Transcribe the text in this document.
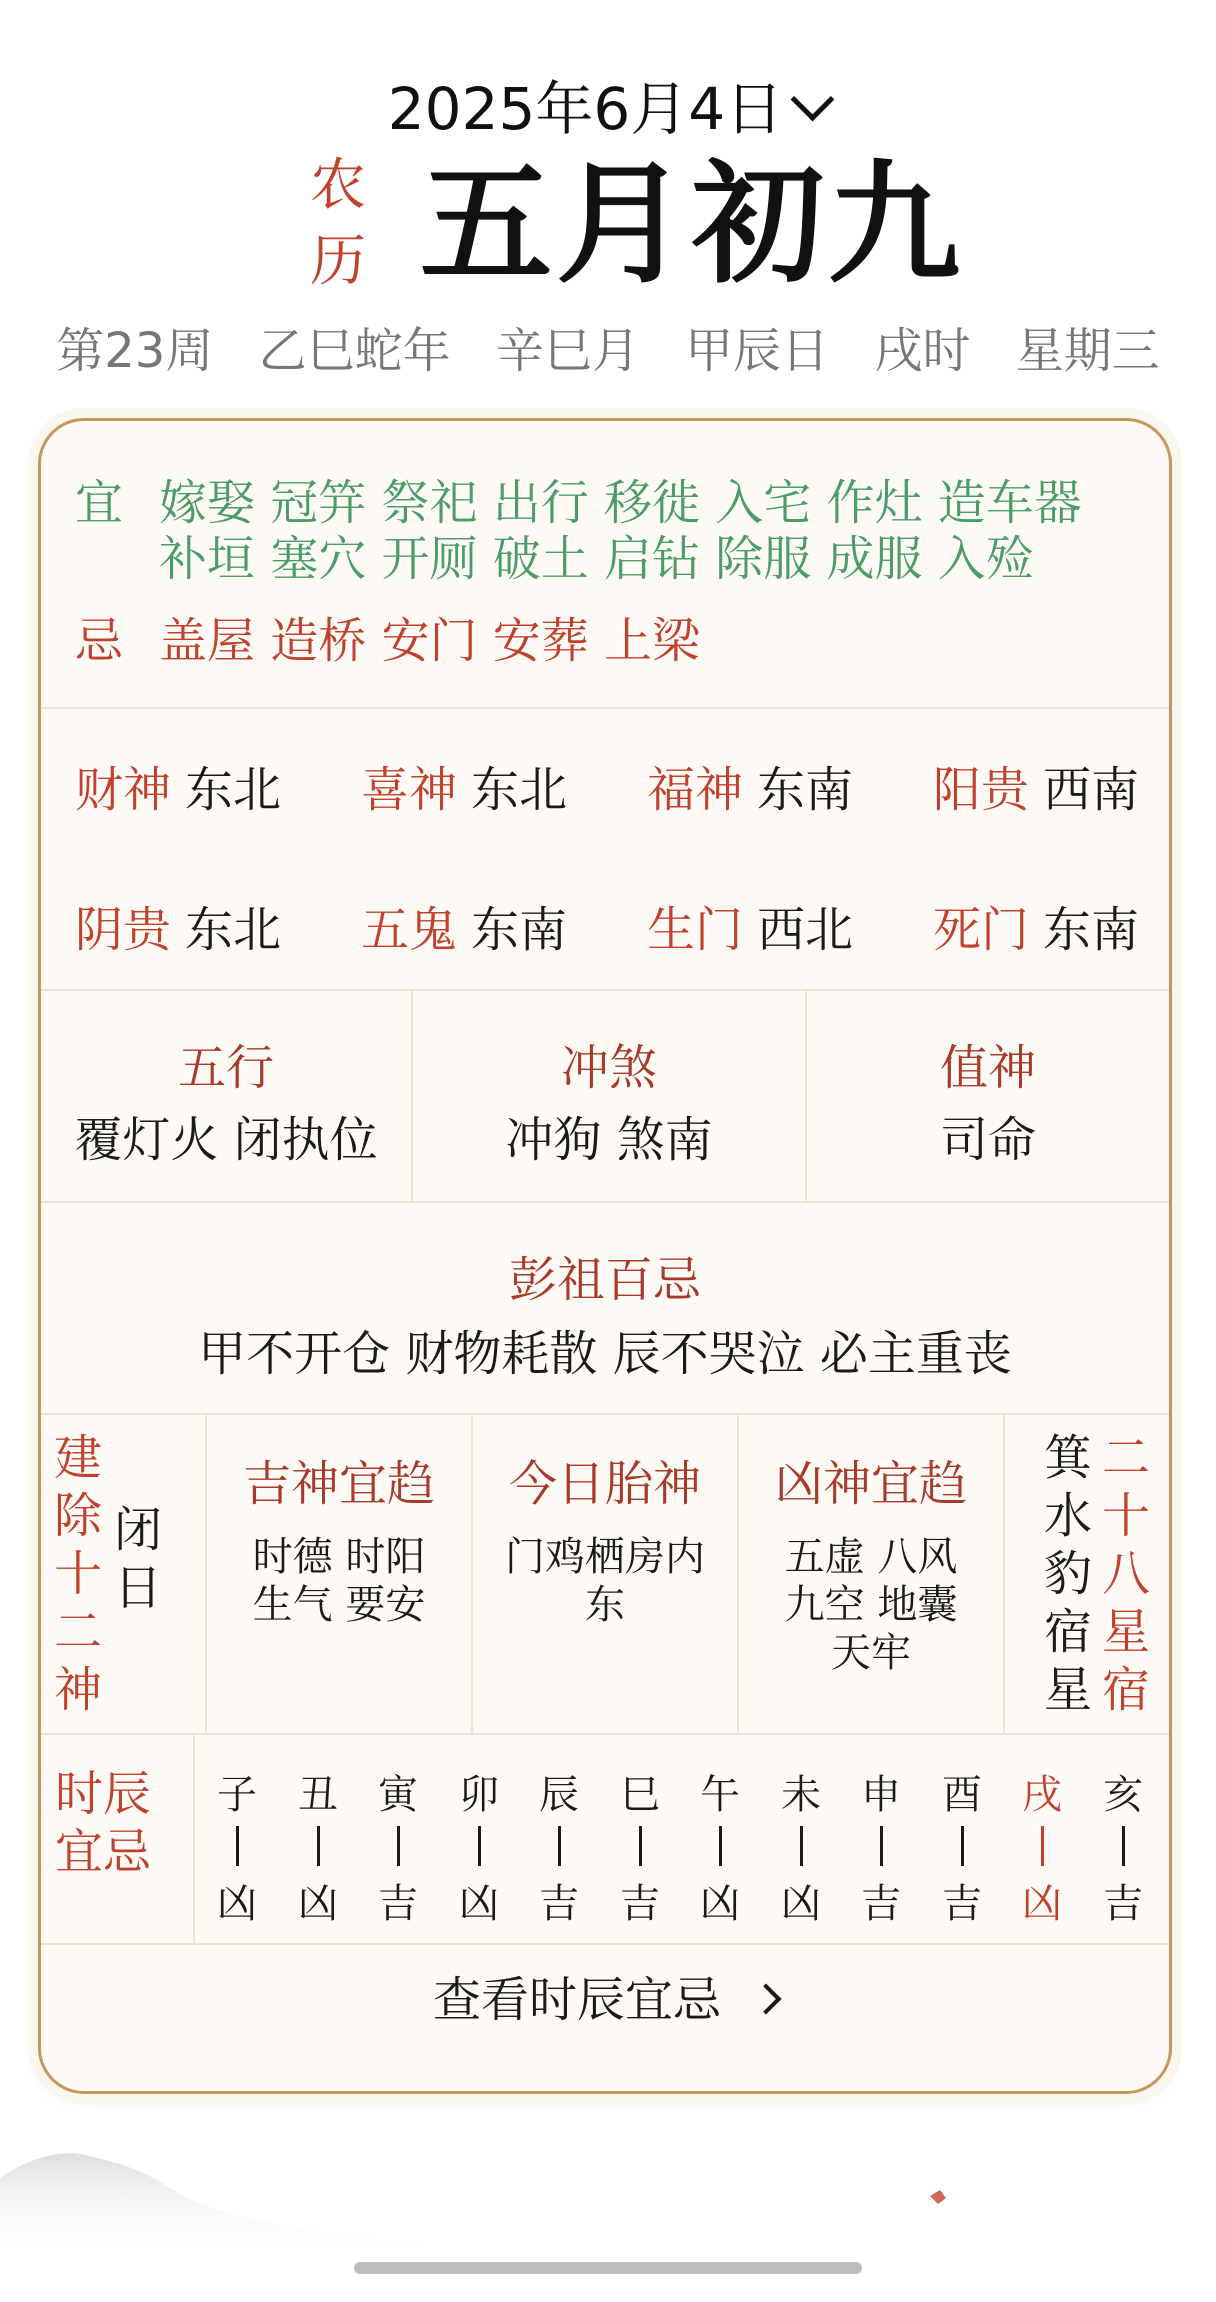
2025年6月4日
农历 五月初九
第23周 乙巳蛇年 辛巳月 甲辰日 戌时 星期三
宜 嫁娶 冠笄 祭祀 出行 移徙 入宅 作灶 造车器
补垣 塞穴 开厕 破土 启钻 除服 成服 入殓
忌 盖屋 造桥 安门 安葬 上梁
财神 东北 喜神 东北 福神 东南 阳贵 西南
阴贵 东北 五鬼 东南 生门 西北 死门 东南
五行
覆灯火 闭执位
冲煞
冲狗 煞南
值神
司命
彭祖百忌
甲不开仓 财物耗散 辰不哭泣 必主重丧
建除十二神
闭日
吉神宜趋
时德 时阳
生气 要安
今日胎神
门鸡栖房内
东
凶神宜趋
五虚 八风
九空 地囊
天牢
箕水豹宿星
二十八星宿
时辰宜忌
子
凶
丑
凶
寅
吉
卯
凶
辰
吉
巳
吉
午
凶
未
凶
申
吉
酉
吉
戌
凶
亥
吉
查看时辰宜忌
